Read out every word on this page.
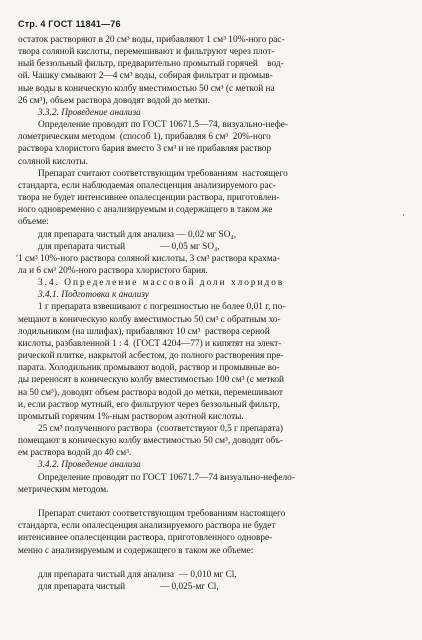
Стр. 4 ГОСТ 11841—76
остаток растворяют в 20 см³ воды, прибавляют 1 см³ 10%-ного рас-
твора соляной кислоты, перемешивают и фильтруют через плот-
ный беззольный фильтр, предварительно промытый горячей    вод-
ой. Чашку смывают 2—4 см³ воды, собирая фильтрат и промыв-
ные воды в коническую колбу вместимостью 50 см³ (с меткой на
26 см³), объем раствора доводят водой до метки.
3.3.2. Проведение анализа
Определение проводят по ГОСТ 10671.5—74, визуально-нефе-
лометрическим методом  (способ 1), прибавляя 6 см³  20%-ного
раствора хлористого бария вместо 3 см³ и не прибавляя раствор
соляной кислоты.
Препарат считают соответствующим требованиям  настоящего
стандарта, если наблюдаемая опалесценция анализируемого рас-
твора не будет интенсивнее опалесценции раствора, приготовлен-
ного одновременно с анализируемым и содержащего в таком же
объеме:
для препарата чистый для анализа — 0,02 мг SO₄,
для препарата чистый               — 0,05 мг SO₄,
1 см³ 10%-ного раствора соляной кислоты, 3 см³ раствора крахма-
ла и 6 см³ 20%-ного раствора хлористого бария.
3.4. Определение массовой доли хлоридов
3.4.1. Подготовка к анализу
1 г препарата взвешивают с погрешностью не более 0,01 г, по-
мещают в коническую колбу вместимостью 50 см³ с обратным хо-
лодильником (на шлифах), прибавляют 10 см³  раствора серной
кислоты, разбавленной 1 : 4  (ГОСТ 4204—77) и кипятят на элект-
рической плитке, накрытой асбестом, до полного растворения пре-
парата. Холодильник промывают водой, раствор и промывные во-
ды переносят в коническую колбу вместимостью 100 см³ (с меткой
на 50 см³), доводят объем раствора водой до метки, перемешивают
и, если раствор мутный, его фильтруют через беззольный фильтр,
промытый горячим 1%-ным раствором азотной кислоты.
25 см³ полученного раствора  (соответствуют 0,5 г препарата)
помещают в коническую колбу вместимостью 50 см³, доводят объ-
ем раствора водой до 40 см³.
3.4.2. Проведение анализа
Определение проводят по ГОСТ 10671.7—74 визуально-нефело-
метрическим методом.
Препарат считают соответствующим требованиям настоящего
стандарта, если опалесценция анализируемого раствора не будет
интенсивнее опалесценции раствора, приготовленного одновре-
менно с анализируемым и содержащего в таком же объеме:
для препарата чистый для анализа  — 0,010 мг Cl,
для препарата чистый               — 0,025-мг Cl,
·
ʹ
